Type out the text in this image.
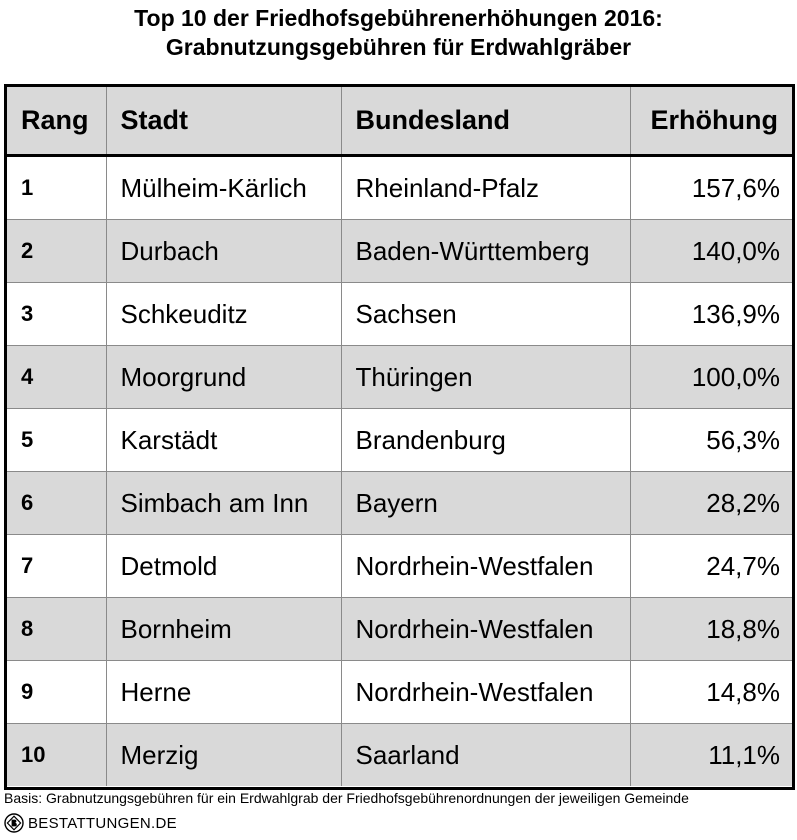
Top 10 der Friedhofsgebührenerhöhungen 2016:
Grabnutzungsgebühren für Erdwahlgräber
Rang	Stadt	Bundesland	Erhöhung
1	Mülheim-Kärlich	Rheinland-Pfalz	157,6%
2	Durbach	Baden-Württemberg	140,0%
3	Schkeuditz	Sachsen	136,9%
4	Moorgrund	Thüringen	100,0%
5	Karstädt	Brandenburg	56,3%
6	Simbach am Inn	Bayern	28,2%
7	Detmold	Nordrhein-Westfalen	24,7%
8	Bornheim	Nordrhein-Westfalen	18,8%
9	Herne	Nordrhein-Westfalen	14,8%
10	Merzig	Saarland	11,1%
Basis: Grabnutzungsgebühren für ein Erdwahlgrab der Friedhofsgebührenordnungen der jeweiligen Gemeinde
BESTATTUNGEN.DE
